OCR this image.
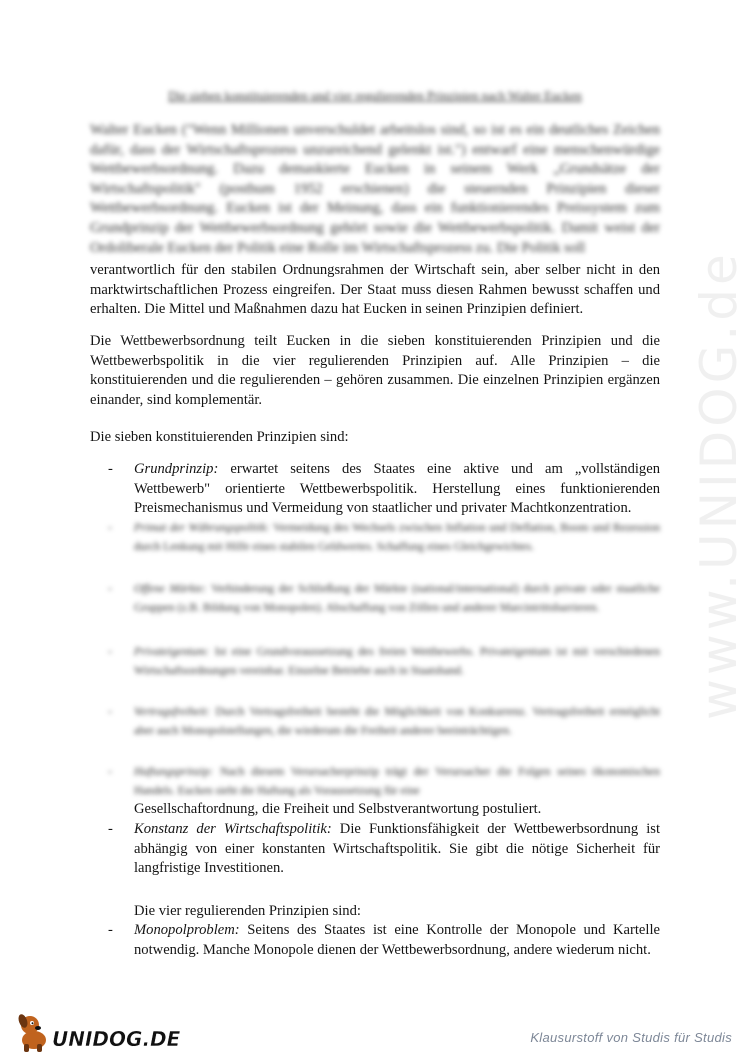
Die sieben konstituierenden und vier regulierenden Prinzipien nach Walter Eucken
Walter Eucken ("Wenn Millionen unverschuldet arbeitslos sind, so ist es ein deutliches Zeichen dafür, dass der Wirtschaftsprozess unzureichend gelenkt ist.") entwarf eine menschenwürdige Wettbewerbsordnung. Dazu demaskierte Eucken in seinem Werk „Grundsätze der Wirtschaftspolitik" (posthum 1952 erschienen) die steuernden Prinzipien dieser Wettbewerbsordnung. Eucken ist der Meinung, dass ein funktionierendes Preissystem zum Grundprinzip der Wettbewerbsordnung gehört sowie die Wettbewerbspolitik. Damit weist der Ordoliberale Eucken der Politik eine Rolle im Wirtschaftsprozess zu. Die Politik soll
verantwortlich für den stabilen Ordnungsrahmen der Wirtschaft sein, aber selber nicht in den marktwirtschaftlichen Prozess eingreifen. Der Staat muss diesen Rahmen bewusst schaffen und erhalten. Die Mittel und Maßnahmen dazu hat Eucken in seinen Prinzipien definiert.
Die Wettbewerbsordnung teilt Eucken in die sieben konstituierenden Prinzipien und die Wettbewerbspolitik in die vier regulierenden Prinzipien auf. Alle Prinzipien – die konstituierenden und die regulierenden – gehören zusammen. Die einzelnen Prinzipien ergänzen einander, sind komplementär.
Die sieben konstituierenden Prinzipien sind:
- Grundprinzip: erwartet seitens des Staates eine aktive und am „vollständigen Wettbewerb" orientierte Wettbewerbspolitik. Herstellung eines funktionierenden Preismechanismus und Vermeidung von staatlicher und privater Machtkonzentration.
- Primat der Währungspolitik: Vermeidung des Wechsels zwischen Inflation und Deflation, Boom und Rezession durch Lenkung mit Hilfe eines stabilen Geldwertes. Schaffung eines Gleichgewichtes.
- Offene Märkte: Verhinderung der Schließung der Märkte (national/international) durch private oder staatliche Gruppen (z.B. Bildung von Monopolen). Abschaffung von Zöllen und anderer Marcintrittsbarrieren.
- Privateigentum: Ist eine Grundvoraussetzung des freien Wettbewerbs. Privateigentum ist mit verschiedenen Wirtschaftsordnungen vereinbar. Einzelne Betriebe auch in Staatshand.
- Vertragsfreiheit: Durch Vertragsfreiheit besteht die Möglichkeit von Konkurrenz. Vertragsfreiheit ermöglicht aber auch Monopolstellungen, die wiederum die Freiheit anderer beeinträchtigen.
- Haftungsprinzip: Nach diesem Verursacherprinzip trägt der Verursacher die Folgen seines ökonomischen Handels. Eucken sieht die Haftung als Voraussetzung für eine
Gesellschaftordnung, die Freiheit und Selbstverantwortung postuliert.
- Konstanz der Wirtschaftspolitik: Die Funktionsfähigkeit der Wettbewerbsordnung ist abhängig von einer konstanten Wirtschaftspolitik. Sie gibt die nötige Sicherheit für langfristige Investitionen.
Die vier regulierenden Prinzipien sind:
- Monopolproblem: Seitens des Staates ist eine Kontrolle der Monopole und Kartelle notwendig. Manche Monopole dienen der Wettbewerbsordnung, andere wiederum nicht.
www.UNIDOG.de
UNIDOG.DE	Klausurstoff von Studis für Studis
